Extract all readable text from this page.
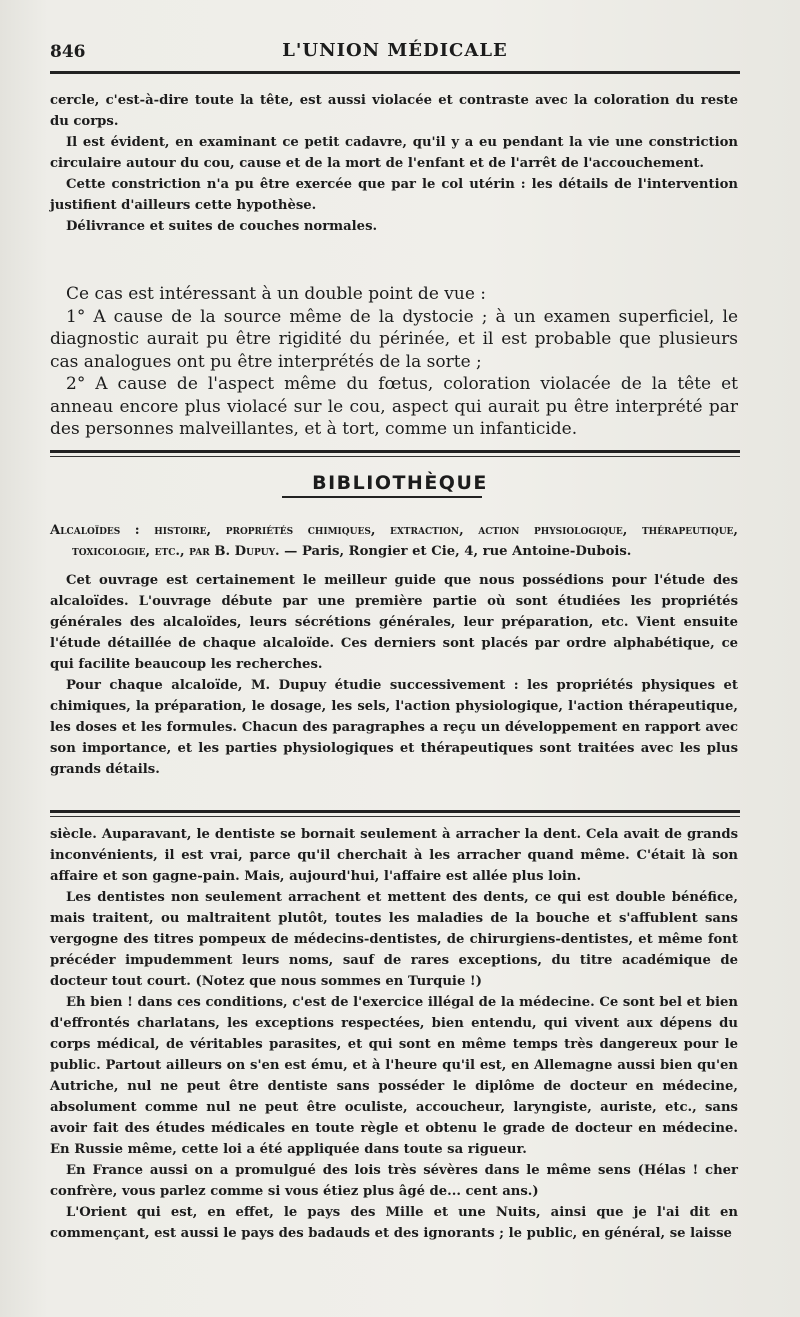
846	L'UNION MÉDICALE

cercle, c'est-à-dire toute la tête, est aussi violacée et contraste avec la coloration du reste du corps.

Il est évident, en examinant ce petit cadavre, qu'il y a eu pendant la vie une constriction circulaire autour du cou, cause et de la mort de l'enfant et de l'arrêt de l'accouchement.

Cette constriction n'a pu être exercée que par le col utérin : les détails de l'intervention justifient d'ailleurs cette hypothèse.

Délivrance et suites de couches normales.

Ce cas est intéressant à un double point de vue :

1° A cause de la source même de la dystocie ; à un examen superficiel, le diagnostic aurait pu être rigidité du périnée, et il est probable que plusieurs cas analogues ont pu être interprétés de la sorte ;

2° A cause de l'aspect même du fœtus, coloration violacée de la tête et anneau encore plus violacé sur le cou, aspect qui aurait pu être interprété par des personnes malveillantes, et à tort, comme un infanticide.

BIBLIOTHÈQUE

Alcaloïdes : histoire, propriétés chimiques, extraction, action physiologique, thérapeutique, toxicologie, etc., par B. Dupuy. — Paris, Rongier et Cie, 4, rue Antoine-Dubois.

Cet ouvrage est certainement le meilleur guide que nous possédions pour l'étude des alcaloïdes. L'ouvrage débute par une première partie où sont étudiées les propriétés générales des alcaloïdes, leurs sécrétions générales, leur préparation, etc. Vient ensuite l'étude détaillée de chaque alcaloïde. Ces derniers sont placés par ordre alphabétique, ce qui facilite beaucoup les recherches.

Pour chaque alcaloïde, M. Dupuy étudie successivement : les propriétés physiques et chimiques, la préparation, le dosage, les sels, l'action physiologique, l'action thérapeutique, les doses et les formules. Chacun des paragraphes a reçu un développement en rapport avec son importance, et les parties physiologiques et thérapeutiques sont traitées avec les plus grands détails.

siècle. Auparavant, le dentiste se bornait seulement à arracher la dent. Cela avait de grands inconvénients, il est vrai, parce qu'il cherchait à les arracher quand même. C'était là son affaire et son gagne-pain. Mais, aujourd'hui, l'affaire est allée plus loin.

Les dentistes non seulement arrachent et mettent des dents, ce qui est double bénéfice, mais traitent, ou maltraitent plutôt, toutes les maladies de la bouche et s'affublent sans vergogne des titres pompeux de médecins-dentistes, de chirurgiens-dentistes, et même font précéder impudemment leurs noms, sauf de rares exceptions, du titre académique de docteur tout court. (Notez que nous sommes en Turquie !)

Eh bien ! dans ces conditions, c'est de l'exercice illégal de la médecine. Ce sont bel et bien d'effrontés charlatans, les exceptions respectées, bien entendu, qui vivent aux dépens du corps médical, de véritables parasites, et qui sont en même temps très dangereux pour le public. Partout ailleurs on s'en est ému, et à l'heure qu'il est, en Allemagne aussi bien qu'en Autriche, nul ne peut être dentiste sans posséder le diplôme de docteur en médecine, absolument comme nul ne peut être oculiste, accoucheur, laryngiste, auriste, etc., sans avoir fait des études médicales en toute règle et obtenu le grade de docteur en médecine. En Russie même, cette loi a été appliquée dans toute sa rigueur.

En France aussi on a promulgué des lois très sévères dans le même sens (Hélas ! cher confrère, vous parlez comme si vous étiez plus âgé de... cent ans.)

L'Orient qui est, en effet, le pays des Mille et une Nuits, ainsi que je l'ai dit en commençant, est aussi le pays des badauds et des ignorants ; le public, en général, se laisse
